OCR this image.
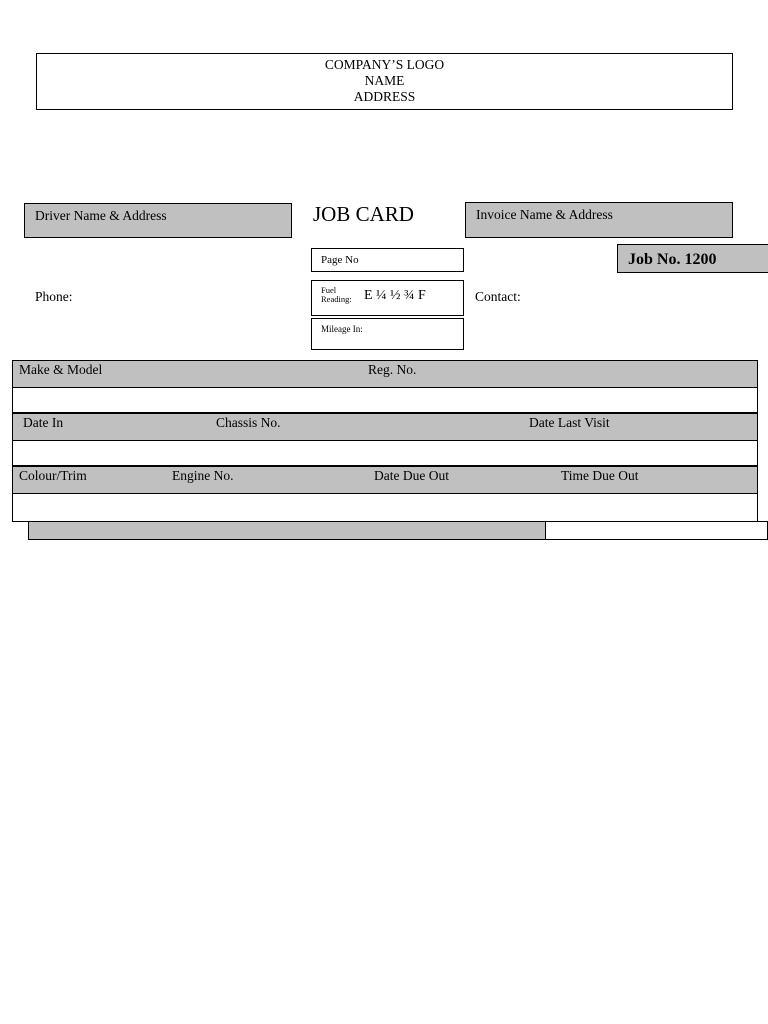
COMPANY’S LOGO
NAME
ADDRESS
Driver Name & Address	JOB CARD	Invoice Name & Address
Page No
Fuel
Reading: E ¼ ½ ¾ F
Mileage In:
Job No. 1200
Phone:	Contact:
Make & Model	Reg. No.
Date In	Chassis No.	Date Last Visit
Colour/Trim	Engine No.	Date Due Out	Time Due Out
